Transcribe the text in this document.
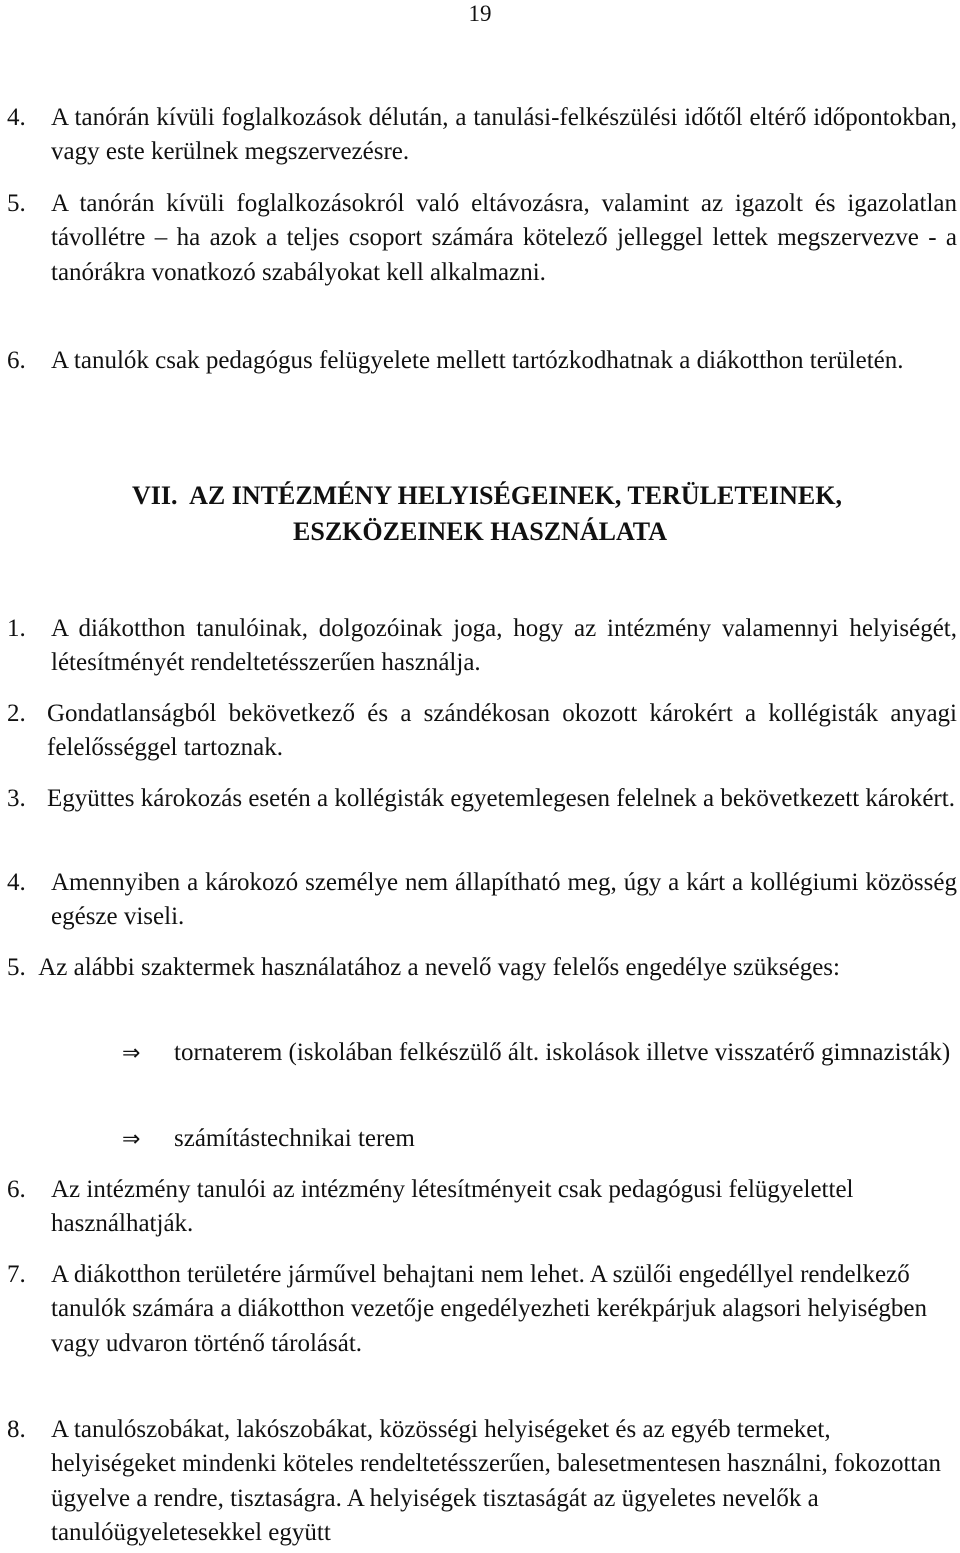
19
4. A tanórán kívüli foglalkozások délután, a tanulási-felkészülési időtől eltérő időpontokban, vagy este kerülnek megszervezésre.
5. A tanórán kívüli foglalkozásokról való eltávozásra, valamint az igazolt és igazolatlan távollétre – ha azok a teljes csoport számára kötelező jelleggel lettek megszervezve - a tanórákra vonatkozó szabályokat kell alkalmazni.
6. A tanulók csak pedagógus felügyelete mellett tartózkodhatnak a diákotthon területén.
VII. AZ INTÉZMÉNY HELYISÉGEINEK, TERÜLETEINEK,
ESZKÖZEINEK HASZNÁLATA
1. A diákotthon tanulóinak, dolgozóinak joga, hogy az intézmény valamennyi helyiségét, létesítményét rendeltetésszerűen használja.
2. Gondatlanságból bekövetkező és a szándékosan okozott károkért a kollégisták anyagi felelősséggel tartoznak.
3. Együttes károkozás esetén a kollégisták egyetemlegesen felelnek a bekövetkezett károkért.
4. Amennyiben a károkozó személye nem állapítható meg, úgy a kárt a kollégiumi közösség egésze viseli.
5. Az alábbi szaktermek használatához a nevelő vagy felelős engedélye szükséges:
⇒ tornaterem (iskolában felkészülő ált. iskolások illetve visszatérő gimnazisták)
⇒ számítástechnikai terem
6. Az intézmény tanulói az intézmény létesítményeit csak pedagógusi felügyelettel használhatják.
7. A diákotthon területére járművel behajtani nem lehet. A szülői engedéllyel rendelkező tanulók számára a diákotthon vezetője engedélyezheti kerékpárjuk alagsori helyiségben vagy udvaron történő tárolását.
8. A tanulószobákat, lakószobákat, közösségi helyiségeket és az egyéb termeket, helyiségeket mindenki köteles rendeltetésszerűen, balesetmentesen használni, fokozottan ügyelve a rendre, tisztaságra. A helyiségek tisztaságát az ügyeletes nevelők a tanulóügyeletesekkel együtt
